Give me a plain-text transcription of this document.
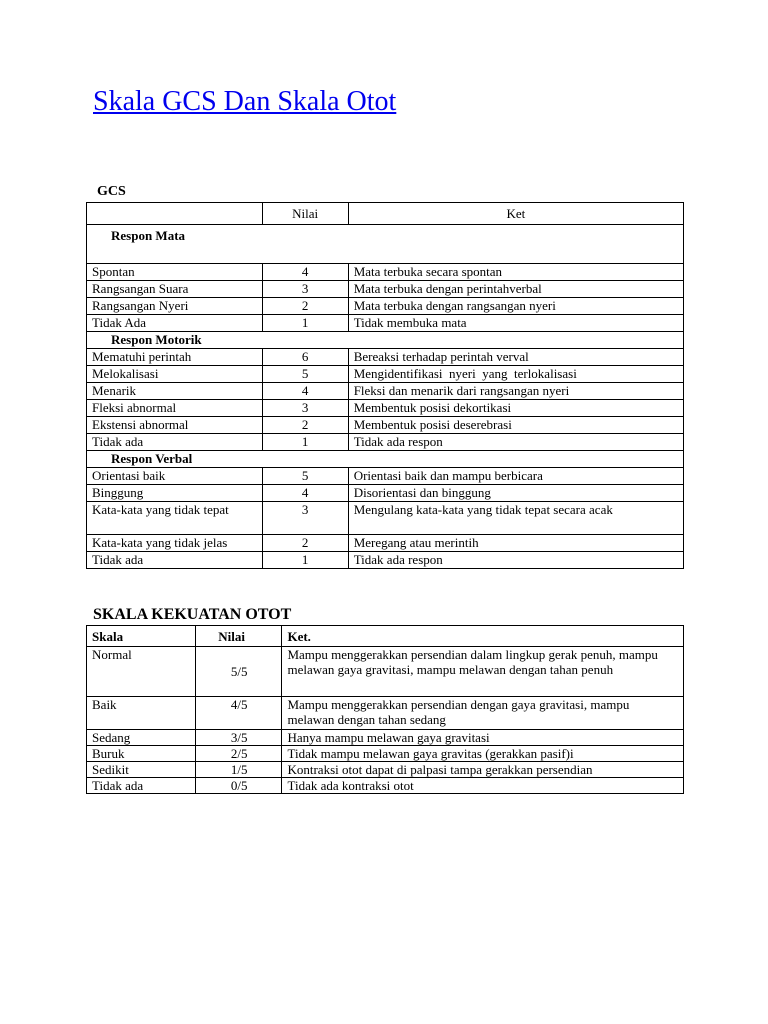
Skala GCS Dan Skala Otot
GCS
	Nilai	Ket
Respon Mata		
Spontan	4	Mata terbuka secara spontan
Rangsangan Suara	3	Mata terbuka dengan perintahverbal
Rangsangan Nyeri	2	Mata terbuka dengan rangsangan nyeri
Tidak Ada	1	Tidak membuka mata
Respon Motorik		
Mematuhi perintah	6	Bereaksi terhadap perintah verval
Melokalisasi	5	Mengidentifikasi  nyeri  yang  terlokalisasi
Menarik	4	Fleksi dan menarik dari rangsangan nyeri
Fleksi abnormal	3	Membentuk posisi dekortikasi
Ekstensi abnormal	2	Membentuk posisi deserebrasi
Tidak ada	1	Tidak ada respon
Respon Verbal		
Orientasi baik	5	Orientasi baik dan mampu berbicara
Binggung	4	Disorientasi dan binggung
Kata-kata yang tidak tepat	3	Mengulang kata-kata yang tidak tepat secara acak
Kata-kata yang tidak jelas	2	Meregang atau merintih
Tidak ada	1	Tidak ada respon
SKALA KEKUATAN OTOT
Skala	Nilai	Ket.
Normal	5/5	Mampu menggerakkan persendian dalam lingkup gerak penuh, mampu melawan gaya gravitasi, mampu melawan dengan tahan penuh
Baik	4/5	Mampu menggerakkan persendian dengan gaya gravitasi, mampu melawan dengan tahan sedang
Sedang	3/5	Hanya mampu melawan gaya gravitasi
Buruk	2/5	Tidak mampu melawan gaya gravitas (gerakkan pasif)i
Sedikit	1/5	Kontraksi otot dapat di palpasi tampa gerakkan persendian
Tidak ada	0/5	Tidak ada kontraksi otot
